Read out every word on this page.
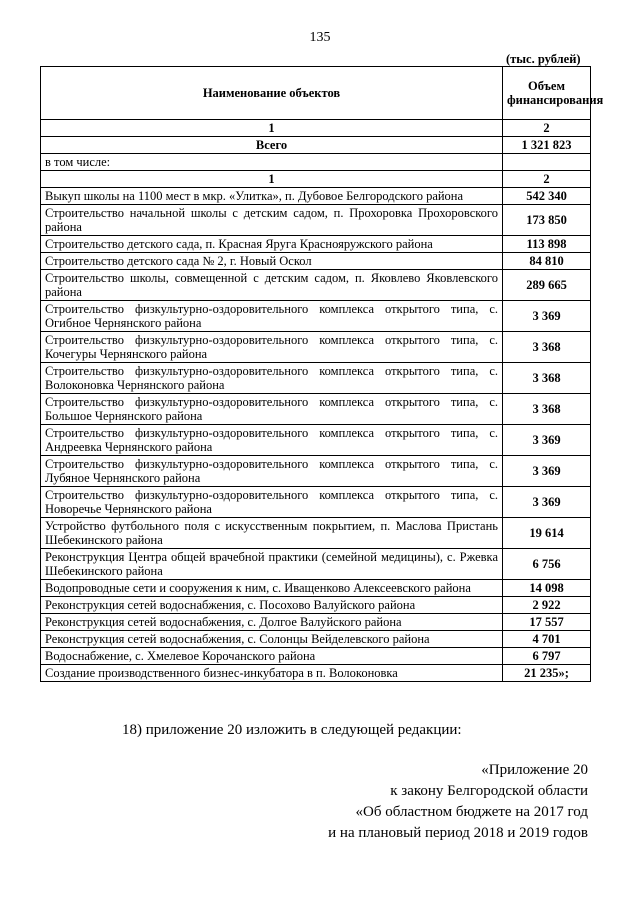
135
(тыс. рублей)
Наименование объектов	Объем финансирования
1	2
Всего	1 321 823
в том числе:	
1	2
Выкуп школы на 1100 мест в мкр. «Улитка», п. Дубовое Белгородского района	542 340
Строительство начальной школы с детским садом, п. Прохоровка Прохоровского района	173 850
Строительство детского сада, п. Красная Яруга Краснояружского района	113 898
Строительство детского сада № 2, г. Новый Оскол	84 810
Строительство школы, совмещенной с детским садом, п. Яковлево Яковлевского района	289 665
Строительство физкультурно-оздоровительного комплекса открытого типа, с. Огибное Чернянского района	3 369
Строительство физкультурно-оздоровительного комплекса открытого типа, с. Кочегуры Чернянского района	3 368
Строительство физкультурно-оздоровительного комплекса открытого типа, с. Волоконовка Чернянского района	3 368
Строительство физкультурно-оздоровительного комплекса открытого типа, с. Большое Чернянского района	3 368
Строительство физкультурно-оздоровительного комплекса открытого типа, с. Андреевка Чернянского района	3 369
Строительство физкультурно-оздоровительного комплекса открытого типа, с. Лубяное Чернянского района	3 369
Строительство физкультурно-оздоровительного комплекса открытого типа, с. Новоречье Чернянского района	3 369
Устройство футбольного поля с искусственным покрытием, п. Маслова Пристань Шебекинского района	19 614
Реконструкция Центра общей врачебной практики (семейной медицины), с. Ржевка Шебекинского района	6 756
Водопроводные сети и сооружения к ним, с. Иващенково Алексеевского района	14 098
Реконструкция сетей водоснабжения, с. Посохово Валуйского района	2 922
Реконструкция сетей водоснабжения, с. Долгое Валуйского района	17 557
Реконструкция сетей водоснабжения, с. Солонцы Вейделевского района	4 701
Водоснабжение, с. Хмелевое Корочанского района	6 797
Создание производственного бизнес-инкубатора в п. Волоконовка	21 235»;
18) приложение 20 изложить в следующей редакции:
«Приложение 20
к закону Белгородской области
«Об областном бюджете на 2017 год
и на плановый период 2018 и 2019 годов
